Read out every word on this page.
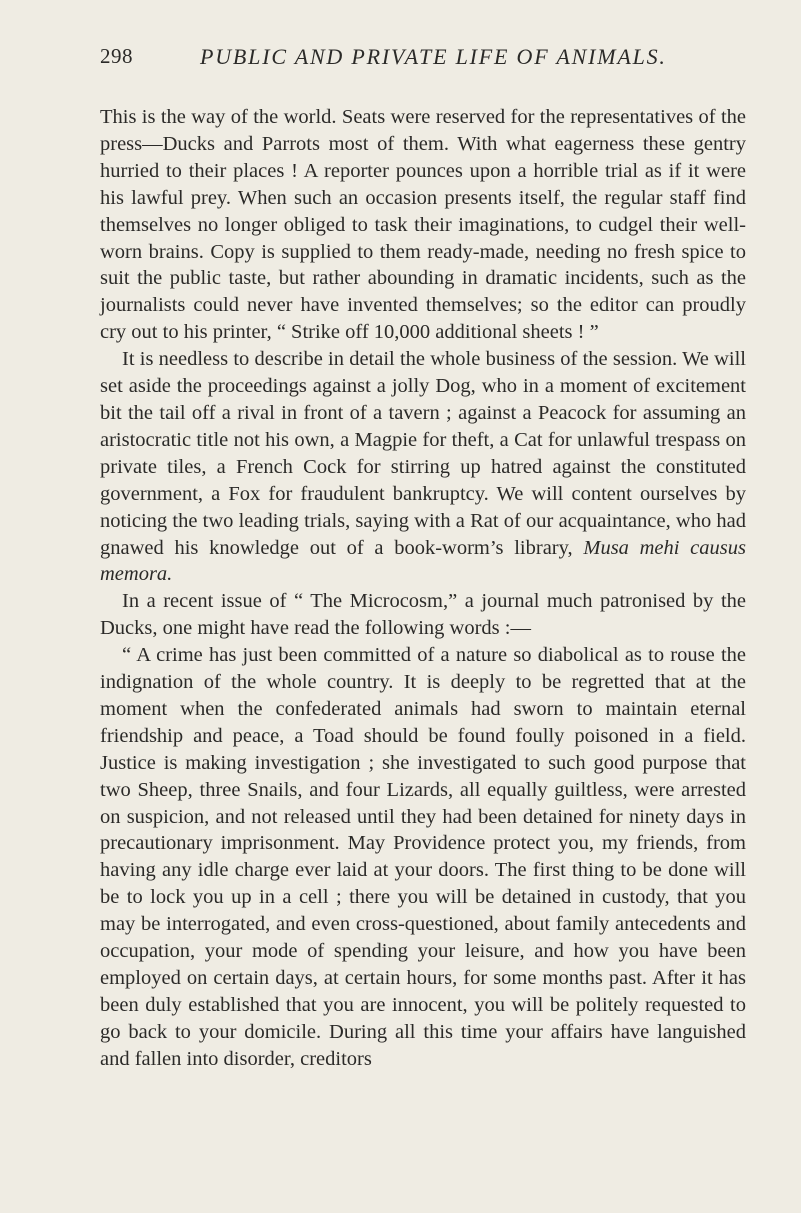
298	PUBLIC AND PRIVATE LIFE OF ANIMALS.

This is the way of the world. Seats were reserved for the representatives of the press—Ducks and Parrots most of them. With what eagerness these gentry hurried to their places ! A reporter pounces upon a horrible trial as if it were his lawful prey. When such an occasion presents itself, the regular staff find themselves no longer obliged to task their imaginations, to cudgel their well-worn brains. Copy is supplied to them ready-made, needing no fresh spice to suit the public taste, but rather abounding in dramatic incidents, such as the journalists could never have invented themselves; so the editor can proudly cry out to his printer, “ Strike off 10,000 additional sheets ! ”

It is needless to describe in detail the whole business of the session. We will set aside the proceedings against a jolly Dog, who in a moment of excitement bit the tail off a rival in front of a tavern ; against a Peacock for assuming an aristocratic title not his own, a Magpie for theft, a Cat for unlawful trespass on private tiles, a French Cock for stirring up hatred against the constituted government, a Fox for fraudulent bankruptcy. We will content ourselves by noticing the two leading trials, saying with a Rat of our acquaintance, who had gnawed his knowledge out of a book-worm’s library, Musa mehi causus memora.

In a recent issue of “ The Microcosm,” a journal much patronised by the Ducks, one might have read the following words :—

“ A crime has just been committed of a nature so diabolical as to rouse the indignation of the whole country. It is deeply to be regretted that at the moment when the confederated animals had sworn to maintain eternal friendship and peace, a Toad should be found foully poisoned in a field. Justice is making investigation ; she investigated to such good purpose that two Sheep, three Snails, and four Lizards, all equally guiltless, were arrested on suspicion, and not released until they had been detained for ninety days in precautionary imprisonment. May Providence protect you, my friends, from having any idle charge ever laid at your doors. The first thing to be done will be to lock you up in a cell ; there you will be detained in custody, that you may be interrogated, and even cross-questioned, about family antecedents and occupation, your mode of spending your leisure, and how you have been employed on certain days, at certain hours, for some months past. After it has been duly established that you are innocent, you will be politely requested to go back to your domicile. During all this time your affairs have languished and fallen into disorder, creditors
